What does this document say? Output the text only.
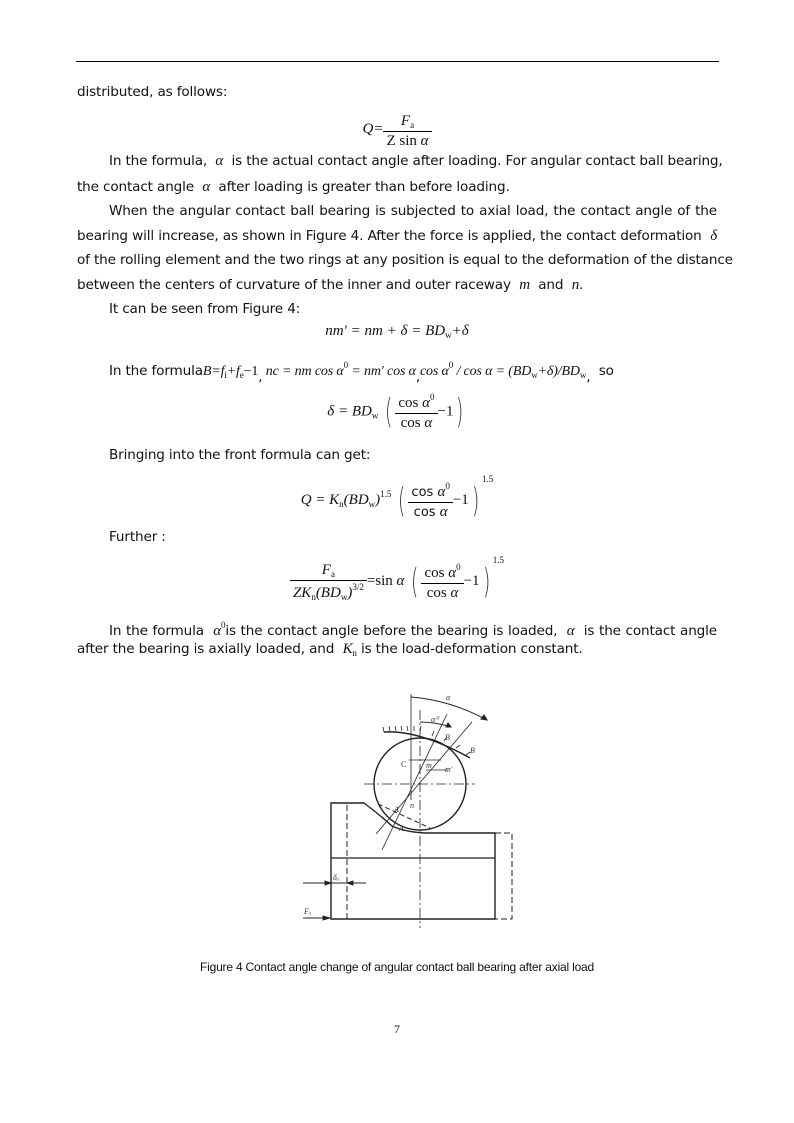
distributed, as follows:
$Q= \frac{F_a}{\text{Z sin α}}$
In the formula, α is the actual contact angle after loading. For angular contact ball bearing,
the contact angle α after loading is greater than before loading.
When the angular contact ball bearing is subjected to axial load, the contact angle of the
bearing will increase, as shown in Figure 4. After the force is applied, the contact deformation δ
of the rolling element and the two rings at any position is equal to the deformation of the distance
between the centers of curvature of the inner and outer raceway m and n.
It can be seen from Figure 4:
nm′ = nm + $\delta = BD_w+\delta$
In the $formulaB=f_i+f_e-1$, nc = nm $\cos \alpha^0 = nm'$ cos α,cos $\alpha^0 / \cos \alpha = (BD_w+\delta)/BD_w$, so
$\delta = BD_w$ ( $\frac{\cos \alpha^0}{\text{cos α}} -1$)
Bringing into the front formula can get:
$Q = K_n(BD_w)^{1.5}$ ( $\frac{\cos \alpha^0}{\text{cos α}} -1)^{1.5}$
Further :
$\frac{F_a}{ZK_n(BD_w)^{3/2}} =\sin$ α ( $\frac{\cos \alpha^0}{\text{cos α}} -1)^{1.5}$
In the formula $\alpha^0is$ the contact angle before the bearing is loaded, α is the contact angle
after the bearing is axially loaded, and $K_n$ is the load-deformation constant.
α
α⁰
B
B
m m′
C
n
A
A
δₐ
Fₐ
Figure 4 Contact angle change of angular contact ball bearing after axial load
7
